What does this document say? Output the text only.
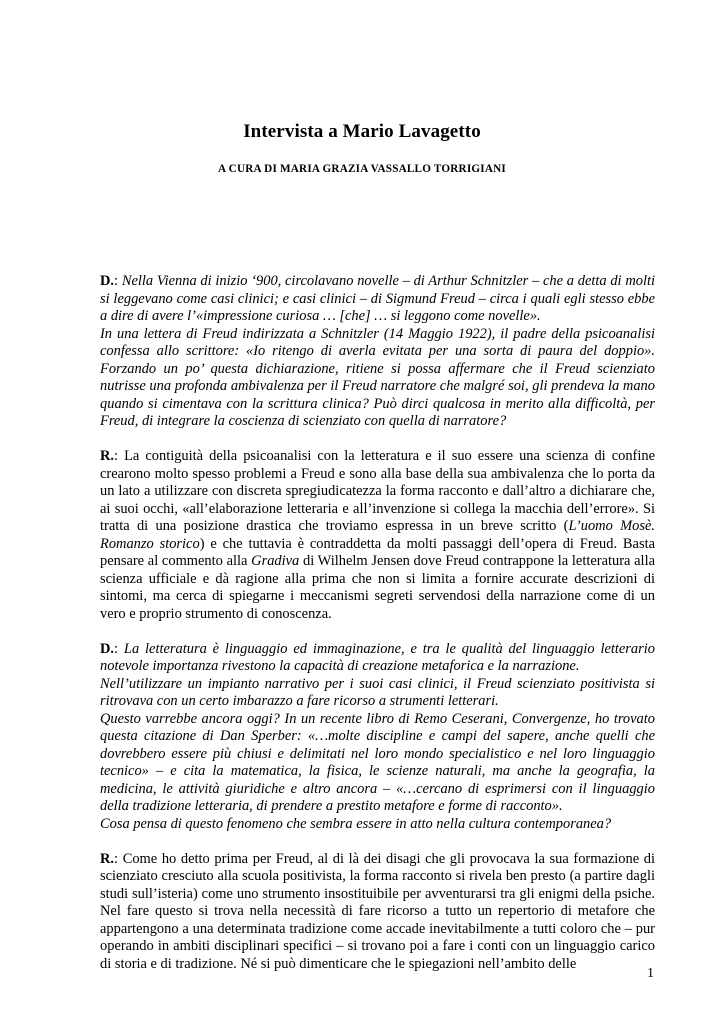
Intervista a Mario Lavagetto
A CURA DI MARIA GRAZIA VASSALLO TORRIGIANI
D.: Nella Vienna di inizio ‘900, circolavano novelle – di Arthur Schnitzler – che a detta di molti si leggevano come casi clinici; e casi clinici – di Sigmund Freud – circa i quali egli stesso ebbe a dire di avere l’«impressione curiosa … [che] … si leggono come novelle».
In una lettera di Freud indirizzata a Schnitzler (14 Maggio 1922), il padre della psicoanalisi confessa allo scrittore: «Io ritengo di averla evitata per una sorta di paura del doppio». Forzando un po’ questa dichiarazione, ritiene si possa affermare che il Freud scienziato nutrisse una profonda ambivalenza per il Freud narratore che malgré soi, gli prendeva la mano quando si cimentava con la scrittura clinica? Può dirci qualcosa in merito alla difficoltà, per Freud, di integrare la coscienza di scienziato con quella di narratore?
R.: La contiguità della psicoanalisi con la letteratura e il suo essere una scienza di confine crearono molto spesso problemi a Freud e sono alla base della sua ambivalenza che lo porta da un lato a utilizzare con discreta spregiudicatezza la forma racconto e dall’altro a dichiarare che, ai suoi occhi, «all’elaborazione letteraria e all’invenzione si collega la macchia dell’errore». Si tratta di una posizione drastica che troviamo espressa in un breve scritto (L’uomo Mosè. Romanzo storico) e che tuttavia è contraddetta da molti passaggi dell’opera di Freud. Basta pensare al commento alla Gradiva di Wilhelm Jensen dove Freud contrappone la letteratura alla scienza ufficiale e dà ragione alla prima che non si limita a fornire accurate descrizioni di sintomi, ma cerca di spiegarne i meccanismi segreti servendosi della narrazione come di un vero e proprio strumento di conoscenza.
D.: La letteratura è linguaggio ed immaginazione, e tra le qualità del linguaggio letterario notevole importanza rivestono la capacità di creazione metaforica e la narrazione.
Nell’utilizzare un impianto narrativo per i suoi casi clinici, il Freud scienziato positivista si ritrovava con un certo imbarazzo a fare ricorso a strumenti letterari.
Questo varrebbe ancora oggi? In un recente libro di Remo Ceserani, Convergenze, ho trovato questa citazione di Dan Sperber: «…molte discipline e campi del sapere, anche quelli che dovrebbero essere più chiusi e delimitati nel loro mondo specialistico e nel loro linguaggio tecnico» – e cita la matematica, la fisica, le scienze naturali, ma anche la geografia, la medicina, le attività giuridiche e altro ancora – «…cercano di esprimersi con il linguaggio della tradizione letteraria, di prendere a prestito metafore e forme di racconto».
Cosa pensa di questo fenomeno che sembra essere in atto nella cultura contemporanea?
R.: Come ho detto prima per Freud, al di là dei disagi che gli provocava la sua formazione di scienziato cresciuto alla scuola positivista, la forma racconto si rivela ben presto (a partire dagli studi sull’isteria) come uno strumento insostituibile per avventurarsi tra gli enigmi della psiche. Nel fare questo si trova nella necessità di fare ricorso a tutto un repertorio di metafore che appartengono a una determinata tradizione come accade inevitabilmente a tutti coloro che – pur operando in ambiti disciplinari specifici – si trovano poi a fare i conti con un linguaggio carico di storia e di tradizione. Né si può dimenticare che le spiegazioni nell’ambito delle
1
